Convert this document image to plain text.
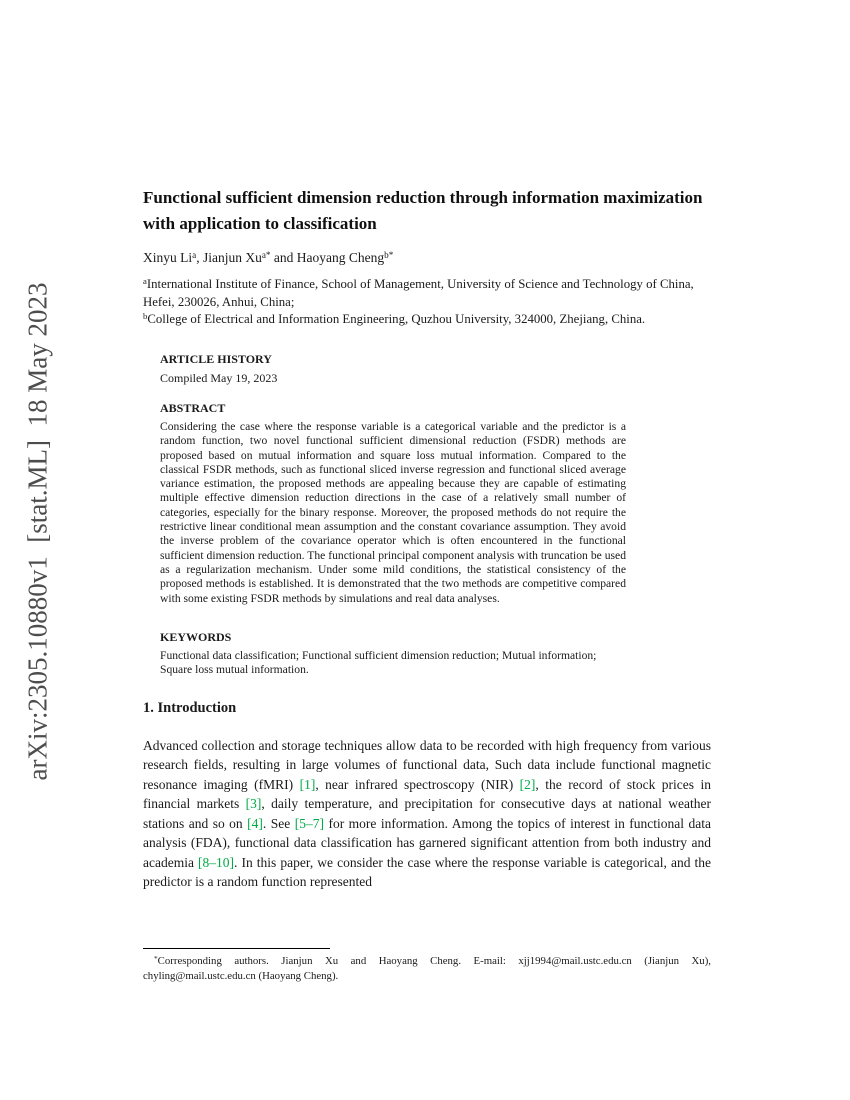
arXiv:2305.10880v1  [stat.ML]  18 May 2023
Functional sufficient dimension reduction through information maximization with application to classification

Xinyu Li$^a$, Jianjun $Xu^{a*}$ and Haoyang Cheng$^{b*}$

$^a$International Institute of Finance, School of Management, University of Science and Technology of China, Hefei, 230026, Anhui, China;

$^b$College of Electrical and Information Engineering, Quzhou University, 324000, Zhejiang, China.

ARTICLE HISTORY

Compiled May 19, 2023

ABSTRACT

Considering the case where the response variable is a categorical variable and the predictor is a random function, two novel functional sufficient dimensional reduction (FSDR) methods are proposed based on mutual information and square loss mutual information. Compared to the classical FSDR methods, such as functional sliced inverse regression and functional sliced average variance estimation, the proposed methods are appealing because they are capable of estimating multiple effective dimension reduction directions in the case of a relatively small number of categories, especially for the binary response. Moreover, the proposed methods do not require the restrictive linear conditional mean assumption and the constant covariance assumption. They avoid the inverse problem of the covariance operator which is often encountered in the functional sufficient dimension reduction. The functional principal component analysis with truncation be used as a regularization mechanism. Under some mild conditions, the statistical consistency of the proposed methods is established. It is demonstrated that the two methods are competitive compared with some existing FSDR methods by simulations and real data analyses.

KEYWORDS

Functional data classification; Functional sufficient dimension reduction; Mutual information; Square loss mutual information.

1. Introduction

Advanced collection and storage techniques allow data to be recorded with high frequency from various research fields, resulting in large volumes of functional data, Such data include functional magnetic resonance imaging (fMRI) [1], near infrared spectroscopy (NIR) [2], the record of stock prices in financial markets [3], daily temperature, and precipitation for consecutive days at national weather stations and so on [4]. See [5–7] for more information. Among the topics of interest in functional data analysis (FDA), functional data classification has garnered significant attention from both industry and academia [8–10]. In this paper, we consider the case where the response variable is categorical, and the predictor is a random function represented

*Corresponding authors. Jianjun Xu and Haoyang Cheng. E-mail: xjj1994@mail.ustc.edu.cn (Jianjun Xu), chyling@mail.ustc.edu.cn (Haoyang Cheng).
